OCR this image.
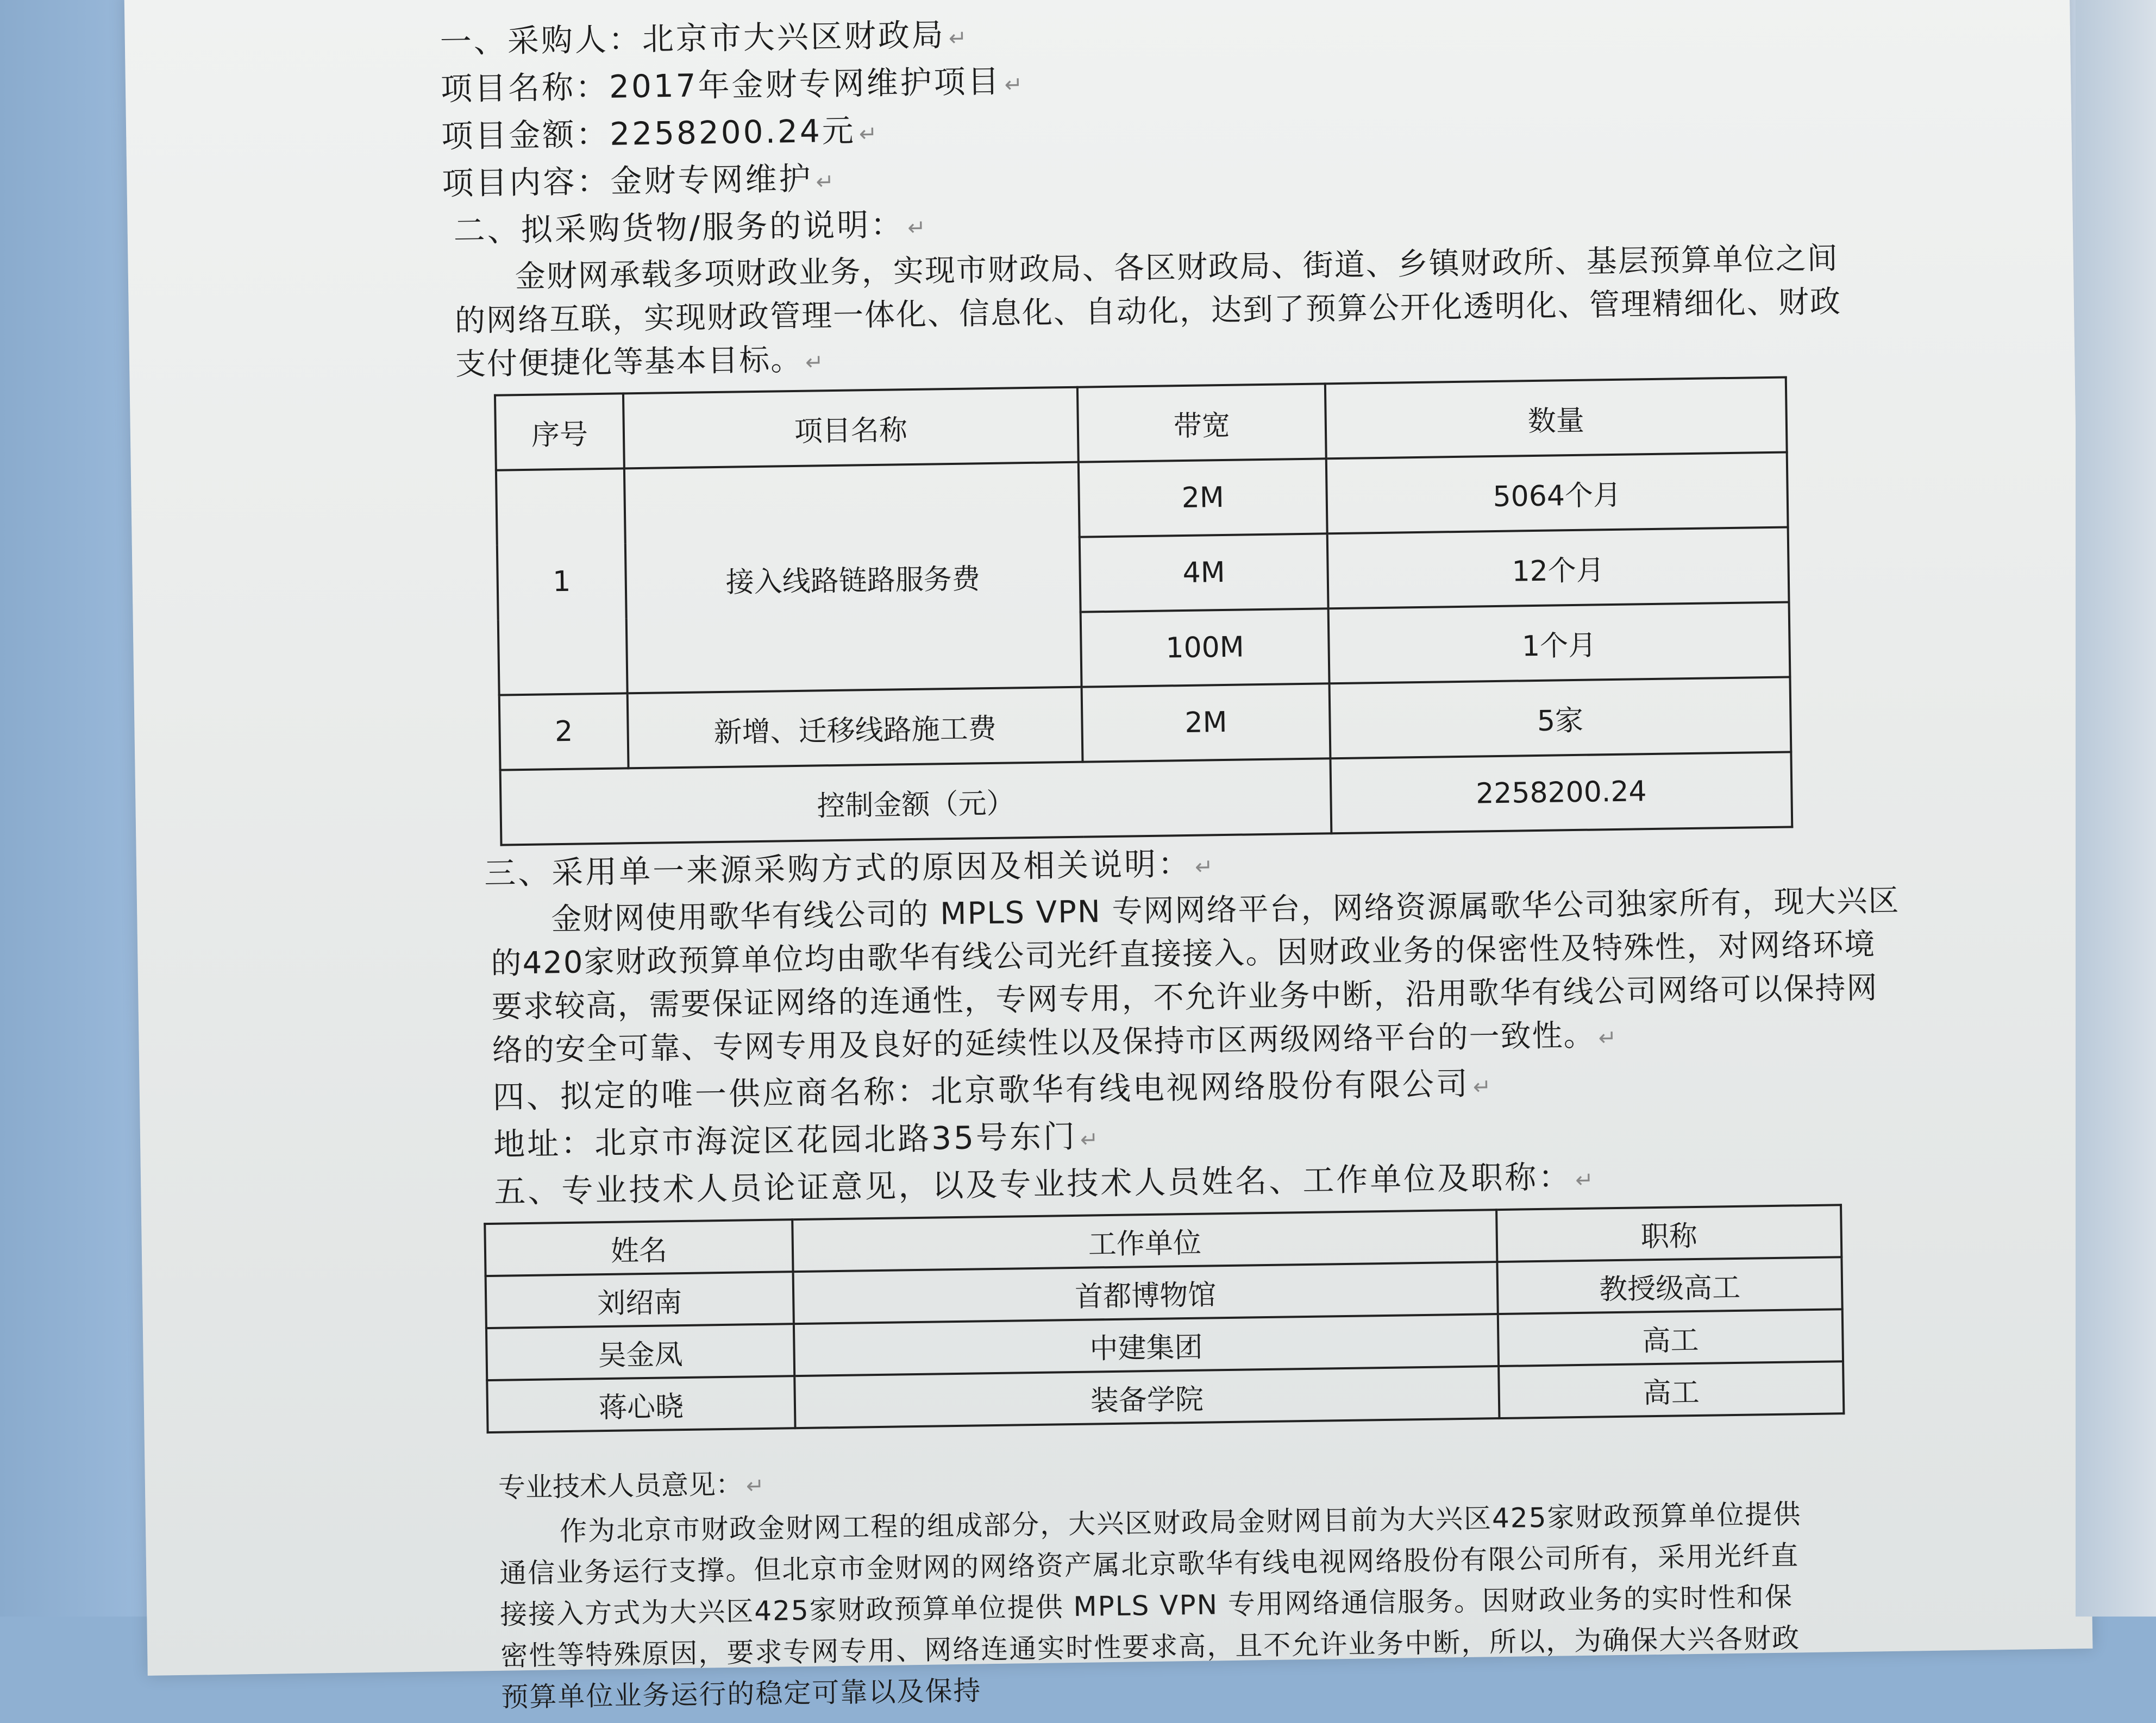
一、采购人：北京市大兴区财政局 ↵
项目名称：2017年金财专网维护项目 ↵
项目金额：2258200.24元 ↵
项目内容：金财专网维护 ↵
二、拟采购货物/服务的说明： ↵
金财网承载多项财政业务，实现市财政局、各区财政局、街道、乡镇财政所、基层预算单位之间的网络互联，实现财政管理一体化、信息化、自动化，达到了预算公开化透明化、管理精细化、财政支付便捷化等基本目标。 ↵
序号	项目名称	带宽	数量
1	接入线路链路服务费	2M	5064个月
		4M	12个月
		100M	1个月
2	新增、迁移线路施工费	2M	5家
控制金额（元）			2258200.24
三、采用单一来源采购方式的原因及相关说明： ↵
金财网使用歌华有线公司的 MPLS VPN 专网网络平台，网络资源属歌华公司独家所有，现大兴区的420家财政预算单位均由歌华有线公司光纤直接接入。因财政业务的保密性及特殊性，对网络环境要求较高，需要保证网络的连通性，专网专用，不允许业务中断，沿用歌华有线公司网络可以保持网络的安全可靠、专网专用及良好的延续性以及保持市区两级网络平台的一致性。 ↵
四、拟定的唯一供应商名称：北京歌华有线电视网络股份有限公司 ↵
地址：北京市海淀区花园北路35号东门 ↵
五、专业技术人员论证意见，以及专业技术人员姓名、工作单位及职称： ↵
姓名	工作单位	职称
刘绍南	首都博物馆	教授级高工
吴金凤	中建集团	高工
蒋心晓	装备学院	高工
专业技术人员意见： ↵
作为北京市财政金财网工程的组成部分，大兴区财政局金财网目前为大兴区425家财政预算单位提供通信业务运行支撑。但北京市金财网的网络资产属北京歌华有线电视网络股份有限公司所有，采用光纤直接接入方式为大兴区425家财政预算单位提供 MPLS VPN 专用网络通信服务。因财政业务的实时性和保密性等特殊原因，要求专网专用、网络连通实时性要求高，且不允许业务中断，所以，为确保大兴各财政预算单位业务运行的稳定可靠以及保持
